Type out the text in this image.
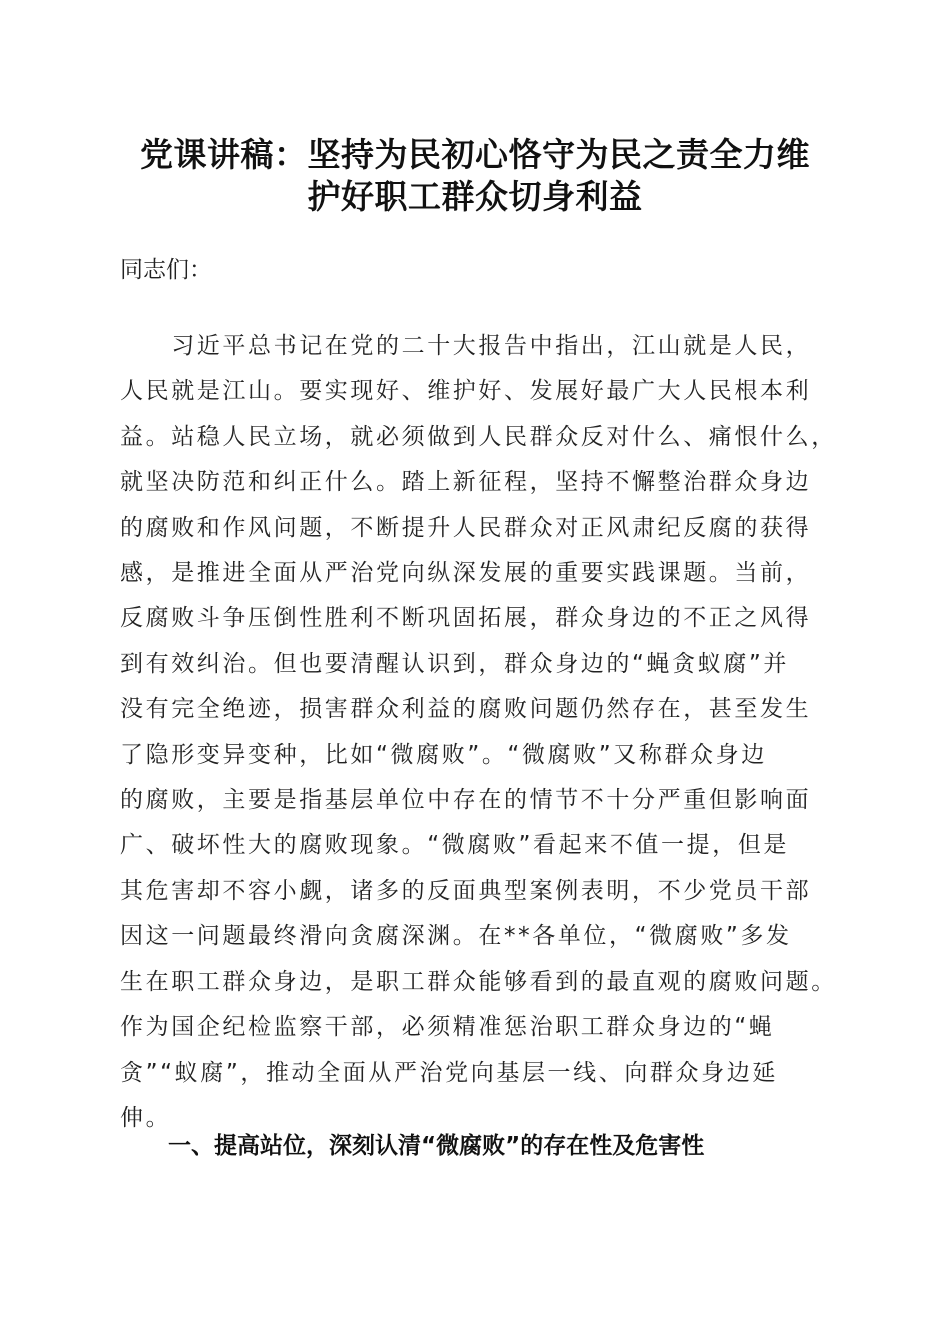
党课讲稿：坚持为民初心恪守为民之责全力维
护好职工群众切身利益

同志们：

　　习近平总书记在党的二十大报告中指出，江山就是人民，
人民就是江山。要实现好、维护好、发展好最广大人民根本利
益。站稳人民立场，就必须做到人民群众反对什么、痛恨什么，
就坚决防范和纠正什么。踏上新征程，坚持不懈整治群众身边
的腐败和作风问题，不断提升人民群众对正风肃纪反腐的获得
感，是推进全面从严治党向纵深发展的重要实践课题。当前，
反腐败斗争压倒性胜利不断巩固拓展，群众身边的不正之风得
到有效纠治。但也要清醒认识到，群众身边的“蝇贪蚁腐”并
没有完全绝迹，损害群众利益的腐败问题仍然存在，甚至发生
了隐形变异变种，比如“微腐败”。“微腐败”又称群众身边
的腐败，主要是指基层单位中存在的情节不十分严重但影响面
广、破坏性大的腐败现象。“微腐败”看起来不值一提，但是
其危害却不容小觑，诸多的反面典型案例表明，不少党员干部
因这一问题最终滑向贪腐深渊。在**各单位，“微腐败”多发
生在职工群众身边，是职工群众能够看到的最直观的腐败问题。
作为国企纪检监察干部，必须精准惩治职工群众身边的“蝇
贪”“蚁腐”，推动全面从严治党向基层一线、向群众身边延
伸。
一、提高站位，深刻认清“微腐败”的存在性及危害性
